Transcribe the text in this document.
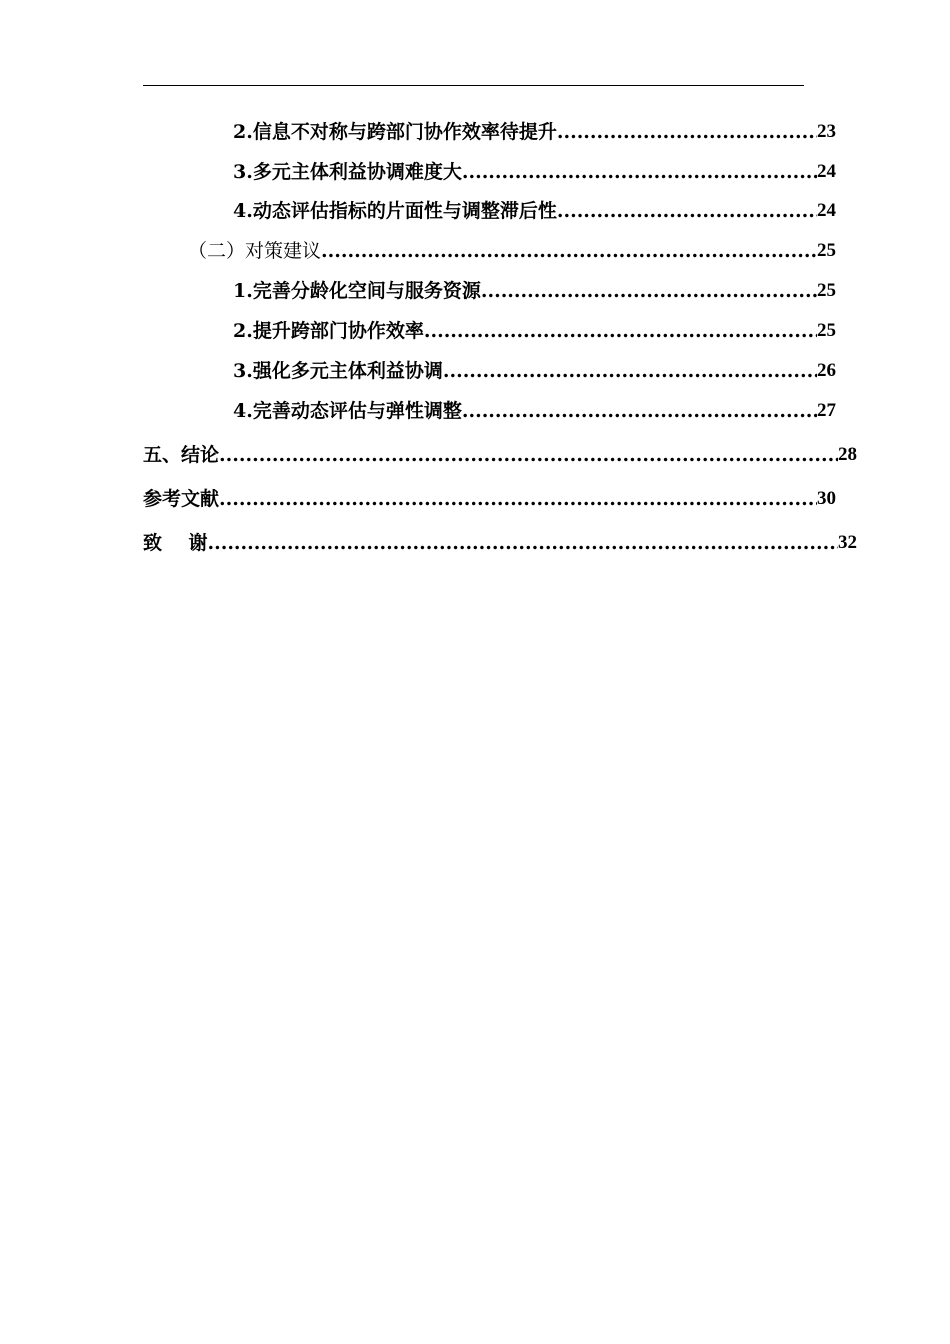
2.信息不对称与跨部门协作效率待提升 .....	23
3.多元主体利益协调难度大 .....	24
4.动态评估指标的片面性与调整滞后性 .....	24
（二）对策建议 .....	25
1.完善分龄化空间与服务资源 .....	25
2.提升跨部门协作效率 .....	25
3.强化多元主体利益协调 .....	26
4.完善动态评估与弹性调整 .....	27
五、结论 .....	28
参考文献 .....	30
致    谢 .....	32
